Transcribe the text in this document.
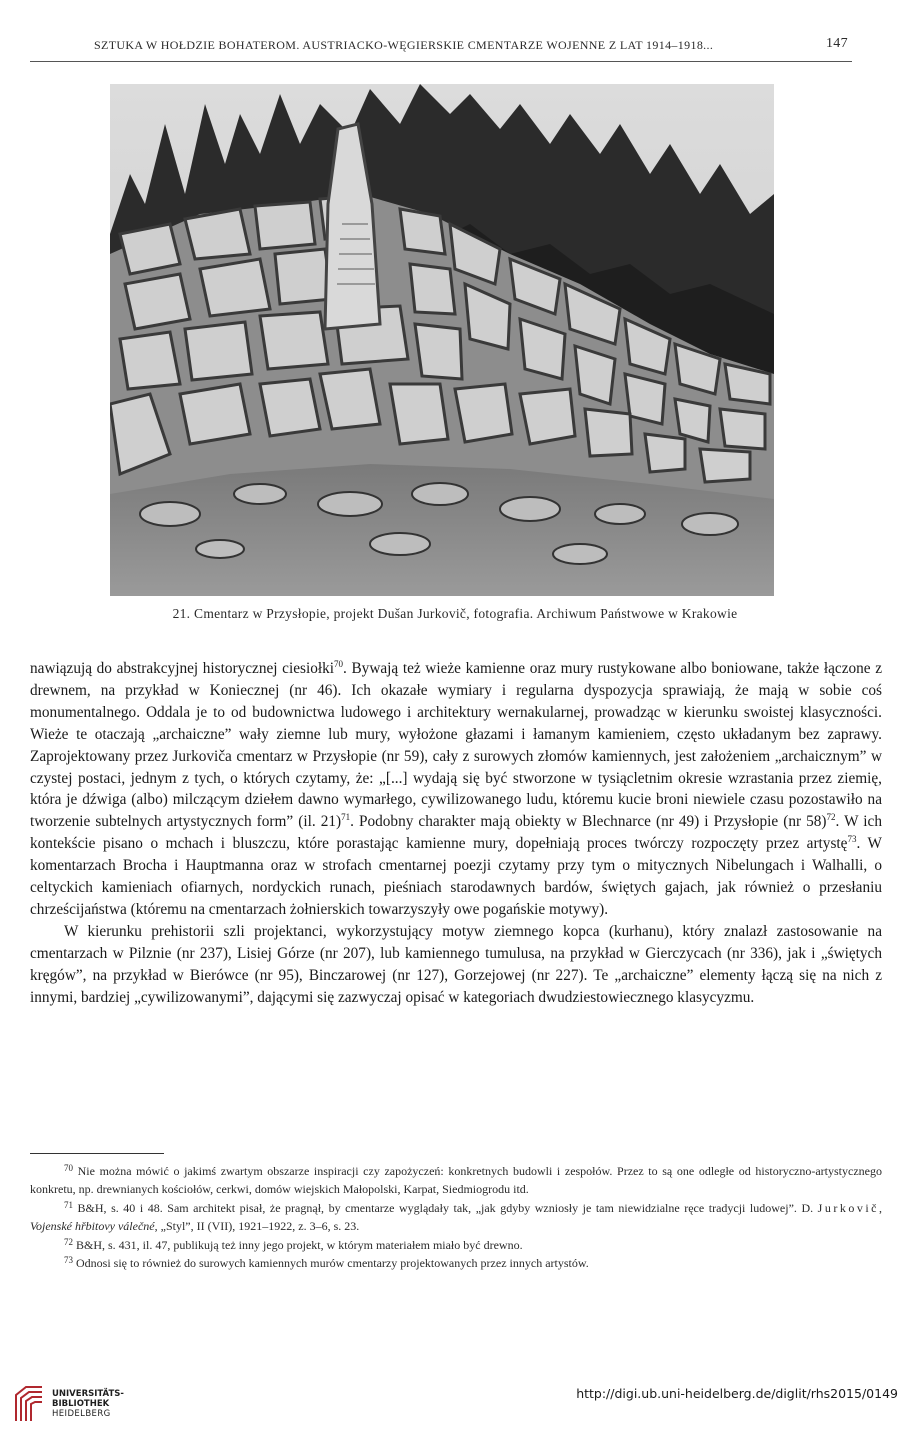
SZTUKA W HOŁDZIE BOHATEROM. AUSTRIACKO-WĘGIERSKIE CMENTARZE WOJENNE Z LAT 1914–1918...	147
21. Cmentarz w Przysłopie, projekt Dušan Jurkovič, fotografia. Archiwum Państwowe w Krakowie

nawiązują do abstrakcyjnej historycznej ciesiołki$^{70}$. Bywają też wieże kamienne oraz mury rustykowane albo boniowane, także łączone z drewnem, na przykład w Koniecznej (nr 46). Ich okazałe wymiary i regularna dyspozycja sprawiają, że mają w sobie coś monumentalnego. Oddala je to od budownictwa ludowego i architektury wernakularnej, prowadząc w kierunku swoistej klasyczności. Wieże te otaczają „archaiczne” wały ziemne lub mury, wyłożone głazami i łamanym kamieniem, często układanym bez zaprawy. Zaprojektowany przez Jurkoviča cmentarz w Przysłopie (nr 59), cały z surowych złomów kamiennych, jest założeniem „archaicznym” w czystej postaci, jednym z tych, o których czytamy, że: „[...] wydają się być stworzone w tysiącletnim okresie wzrastania przez ziemię, która je dźwiga (albo) milczącym dziełem dawno wymarłego, cywilizowanego ludu, któremu kucie broni niewiele czasu pozostawiło na tworzenie subtelnych artystycznych form” (il. 21)$^{71}$. Podobny charakter mają obiekty w Blechnarce (nr 49) i Przysłopie (nr 58)$^{72}$. W ich kontekście pisano o mchach i bluszczu, które porastając kamienne mury, dopełniają proces twórczy rozpoczęty przez artystę$^{73}$. W komentarzach Brocha i Hauptmanna oraz w strofach cmentarnej poezji czytamy przy tym o mitycznych Nibelungach i Walhalli, o celtyckich kamieniach ofiarnych, nordyckich runach, pieśniach starodawnych bardów, świętych gajach, jak również o przesłaniu chrześcijaństwa (któremu na cmentarzach żołnierskich towarzyszyły owe pogańskie motywy).

W kierunku prehistorii szli projektanci, wykorzystujący motyw ziemnego kopca (kurhanu), który znalazł zastosowanie na cmentarzach w Pilznie (nr 237), Lisiej Górze (nr 207), lub kamiennego tumulusa, na przykład w Gierczycach (nr 336), jak i „świętych kręgów”, na przykład w Bierówce (nr 95), Binczarowej (nr 127), Gorzejowej (nr 227). Te „archaiczne” elementy łączą się na nich z innymi, bardziej „cywilizowanymi”, dającymi się zazwyczaj opisać w kategoriach dwudziestowiecznego klasycyzmu.

$^{70}$ Nie można mówić o jakimś zwartym obszarze inspiracji czy zapożyczeń: konkretnych budowli i zespołów. Przez to są one odległe od historyczno-artystycznego konkretu, np. drewnianych kościołów, cerkwi, domów wiejskich Małopolski, Karpat, Siedmiogrodu itd.

$^{71}$ B&H, s. 40 i 48. Sam architekt pisał, że pragnął, by cmentarze wyglądały tak, „jak gdyby wzniosły je tam niewidzialne ręce tradycji ludowej”. D. Jurkovič, Vojenské hřbitovy válečné, „Styl”, II (VII), 1921–1922, z. 3–6, s. 23.

$^{72}$ B&H, s. 431, il. 47, publikują też inny jego projekt, w którym materiałem miało być drewno.

$^{73}$ Odnosi się to również do surowych kamiennych murów cmentarzy projektowanych przez innych artystów.

UNIVERSITÄTS-
BIBLIOTHEK
HEIDELBERG
http://digi.ub.uni-heidelberg.de/diglit/rhs2015/0149
